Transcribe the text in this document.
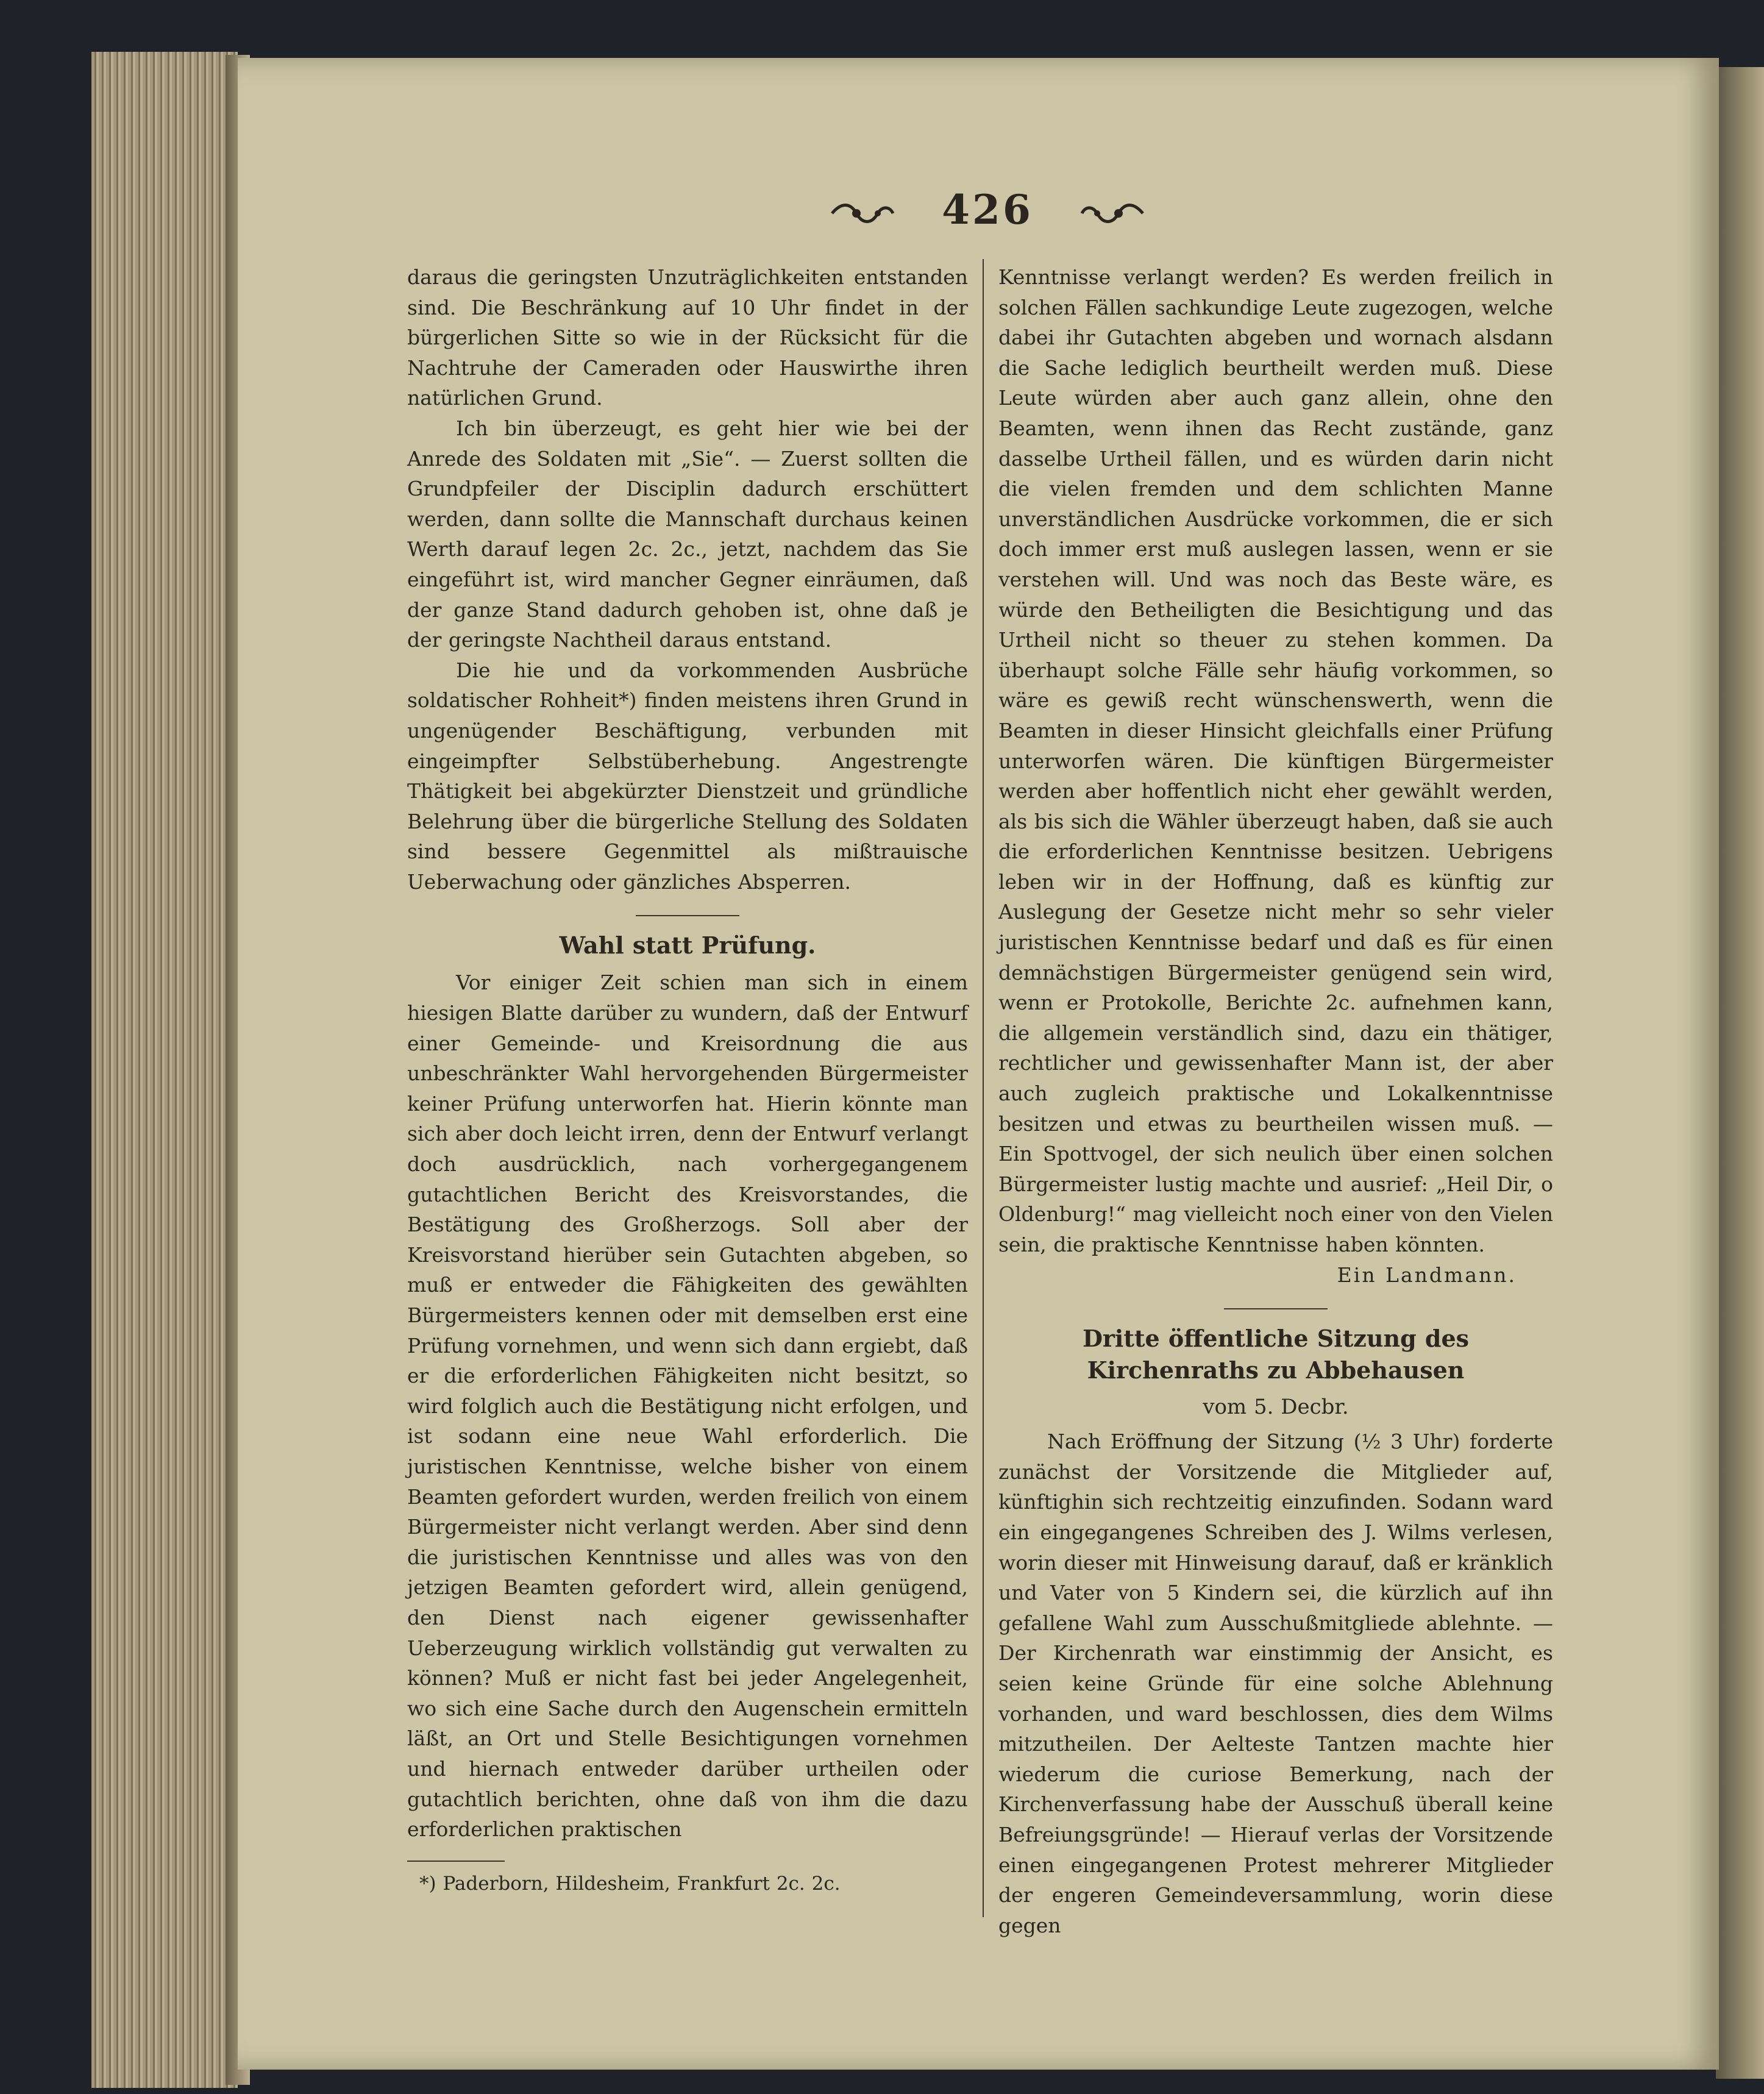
426

daraus die geringsten Unzuträglichkeiten entstanden sind. Die Beschränkung auf 10 Uhr findet in der bürgerlichen Sitte so wie in der Rücksicht für die Nachtruhe der Cameraden oder Hauswirthe ihren natürlichen Grund.

Ich bin überzeugt, es geht hier wie bei der Anrede des Soldaten mit „Sie“. — Zuerst sollten die Grundpfeiler der Disciplin dadurch erschüttert werden, dann sollte die Mannschaft durchaus keinen Werth darauf legen 2c. 2c., jetzt, nachdem das Sie eingeführt ist, wird mancher Gegner einräumen, daß der ganze Stand dadurch gehoben ist, ohne daß je der geringste Nachtheil daraus entstand.

Die hie und da vorkommenden Ausbrüche soldatischer Rohheit*) finden meistens ihren Grund in ungenügender Beschäftigung, verbunden mit eingeimpfter Selbstüberhebung. Angestrengte Thätigkeit bei abgekürzter Dienstzeit und gründliche Belehrung über die bürgerliche Stellung des Soldaten sind bessere Gegenmittel als mißtrauische Ueberwachung oder gänzliches Absperren.

Wahl statt Prüfung.

Vor einiger Zeit schien man sich in einem hiesigen Blatte darüber zu wundern, daß der Entwurf einer Gemeinde- und Kreisordnung die aus unbeschränkter Wahl hervorgehenden Bürgermeister keiner Prüfung unterworfen hat. Hierin könnte man sich aber doch leicht irren, denn der Entwurf verlangt doch ausdrücklich, nach vorhergegangenem gutachtlichen Bericht des Kreisvorstandes, die Bestätigung des Großherzogs. Soll aber der Kreisvorstand hierüber sein Gutachten abgeben, so muß er entweder die Fähigkeiten des gewählten Bürgermeisters kennen oder mit demselben erst eine Prüfung vornehmen, und wenn sich dann ergiebt, daß er die erforderlichen Fähigkeiten nicht besitzt, so wird folglich auch die Bestätigung nicht erfolgen, und ist sodann eine neue Wahl erforderlich. Die juristischen Kenntnisse, welche bisher von einem Beamten gefordert wurden, werden freilich von einem Bürgermeister nicht verlangt werden. Aber sind denn die juristischen Kenntnisse und alles was von den jetzigen Beamten gefordert wird, allein genügend, den Dienst nach eigener gewissenhafter Ueberzeugung wirklich vollständig gut verwalten zu können? Muß er nicht fast bei jeder Angelegenheit, wo sich eine Sache durch den Augenschein ermitteln läßt, an Ort und Stelle Besichtigungen vornehmen und hiernach entweder darüber urtheilen oder gutachtlich berichten, ohne daß von ihm die dazu erforderlichen praktischen

*) Paderborn, Hildesheim, Frankfurt 2c. 2c.

Kenntnisse verlangt werden? Es werden freilich in solchen Fällen sachkundige Leute zugezogen, welche dabei ihr Gutachten abgeben und wornach alsdann die Sache lediglich beurtheilt werden muß. Diese Leute würden aber auch ganz allein, ohne den Beamten, wenn ihnen das Recht zustände, ganz dasselbe Urtheil fällen, und es würden darin nicht die vielen fremden und dem schlichten Manne unverständlichen Ausdrücke vorkommen, die er sich doch immer erst muß auslegen lassen, wenn er sie verstehen will. Und was noch das Beste wäre, es würde den Betheiligten die Besichtigung und das Urtheil nicht so theuer zu stehen kommen. Da überhaupt solche Fälle sehr häufig vorkommen, so wäre es gewiß recht wünschenswerth, wenn die Beamten in dieser Hinsicht gleichfalls einer Prüfung unterworfen wären. Die künftigen Bürgermeister werden aber hoffentlich nicht eher gewählt werden, als bis sich die Wähler überzeugt haben, daß sie auch die erforderlichen Kenntnisse besitzen. Uebrigens leben wir in der Hoffnung, daß es künftig zur Auslegung der Gesetze nicht mehr so sehr vieler juristischen Kenntnisse bedarf und daß es für einen demnächstigen Bürgermeister genügend sein wird, wenn er Protokolle, Berichte 2c. aufnehmen kann, die allgemein verständlich sind, dazu ein thätiger, rechtlicher und gewissenhafter Mann ist, der aber auch zugleich praktische und Lokalkenntnisse besitzen und etwas zu beurtheilen wissen muß. — Ein Spottvogel, der sich neulich über einen solchen Bürgermeister lustig machte und ausrief: „Heil Dir, o Oldenburg!“ mag vielleicht noch einer von den Vielen sein, die praktische Kenntnisse haben könnten.

Ein Landmann.
Dritte öffentliche Sitzung des Kirchenraths zu Abbehausen
vom 5. Decbr.

Nach Eröffnung der Sitzung (½ 3 Uhr) forderte zunächst der Vorsitzende die Mitglieder auf, künftighin sich rechtzeitig einzufinden. Sodann ward ein eingegangenes Schreiben des J. Wilms verlesen, worin dieser mit Hinweisung darauf, daß er kränklich und Vater von 5 Kindern sei, die kürzlich auf ihn gefallene Wahl zum Ausschußmitgliede ablehnte. — Der Kirchenrath war einstimmig der Ansicht, es seien keine Gründe für eine solche Ablehnung vorhanden, und ward beschlossen, dies dem Wilms mitzutheilen. Der Aelteste Tantzen machte hier wiederum die curiose Bemerkung, nach der Kirchenverfassung habe der Ausschuß überall keine Befreiungsgründe! — Hierauf verlas der Vorsitzende einen eingegangenen Protest mehrerer Mitglieder der engeren Gemeindeversammlung, worin diese gegen
